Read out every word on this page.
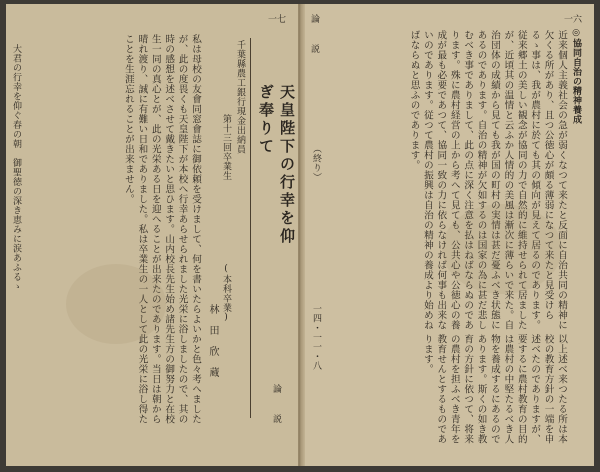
論　説	一六
◎協同自治の精神養成
近来個人主義社会の急が弱くなつて来たと反面に自治共同の精神に欠くる所があり、且つ公徳心が頗る薄弱になつて来たと見受けらるゝ事は、我が農村に於ても其の傾向が見えて居るのであります。従来郷土の美しい観念が協同の力で自然的に維持せられて居ましたが、近頃其の温情と云ふか人情的の美風は漸次に薄らいで来た。自治団体の成績から見ても我が国の町村の実情は甚だ憂ふべき状態にあるのであります。自治の精神が欠如するのは国家の為に甚だ悲しむべき事でありまして、此の点に深く注意を払はねばならぬのであります。殊に農村経営の上から考へて見ても、公共心や公徳心の養成が最も必要であつて、協同一致の力に依らなければ何事も出来ないのであります。従つて農村の振興は自治の精神の養成より始めねばならぬと思ふのであります。
以上述べ来つたる所は本校の教育方針の一端を申述べたのでありますが、要するに農村教育の目的は農村の中堅たるべき人物を養成するにあるのであります。斯くの如き教育の方針に依つて、将来の農村を担ふべき青年を教育せんとするものであります。
（終り）
一四・一一・八
一七
天皇陛下の行幸を仰ぎ奉りて
千葉縣農工銀行現金出納員
第十三回卒業生
(本科卒業)
林　田　欣　蔵
私は母校の友會同窓會誌に御依頼を受けまして、何を書いたらよいかと色々考へましたが、此の度畏くも天皇陛下が本校へ行幸あらせられました光栄に浴しましたので、其の時の感想を述べさせて戴きたいと思ひます。山内校長先生始め諸先生方の御努力と在校生一同の真心とが、此の光栄ある日を迎へることが出来たのであります。当日は朝から晴れ渡り、誠に有難い日和でありました。私は卒業生の一人として此の光栄に浴し得たことを生涯忘れることが出来ません。
大君の行幸を仰ぐ春の朝　御聖徳の深き恵みに涙あふるゝ
論　説
